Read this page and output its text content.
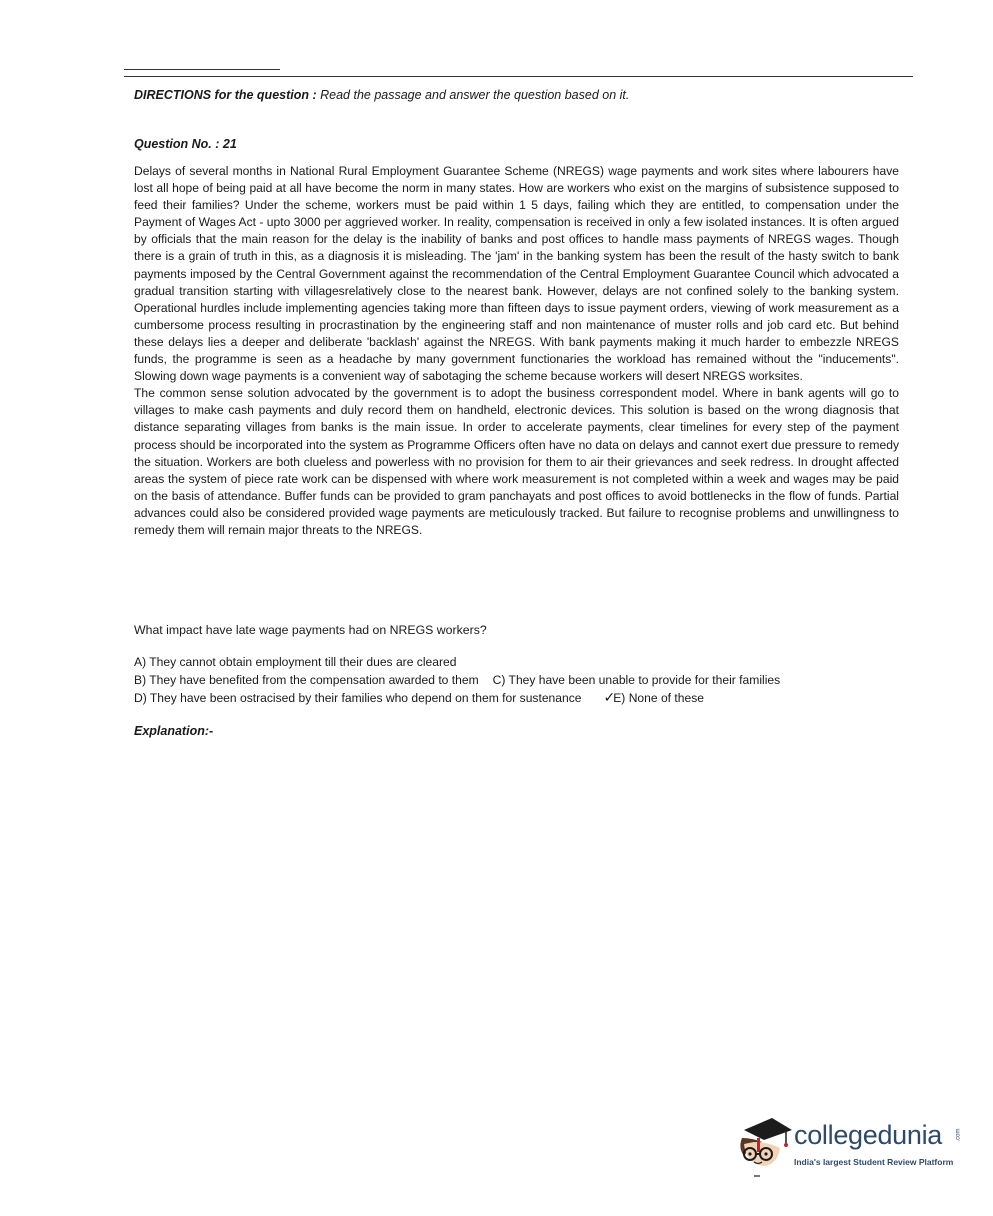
DIRECTIONS for the question : Read the passage and answer the question based on it.
Question No. : 21

Delays of several months in National Rural Employment Guarantee Scheme (NREGS) wage payments and work sites where labourers have lost all hope of being paid at all have become the norm in many states. How are workers who exist on the margins of subsistence supposed to feed their families? Under the scheme, workers must be paid within 1 5 days, failing which they are entitled, to compensation under the Payment of Wages Act - upto 3000 per aggrieved worker. In reality, compensation is received in only a few isolated instances. It is often argued by officials that the main reason for the delay is the inability of banks and post offices to handle mass payments of NREGS wages. Though there is a grain of truth in this, as a diagnosis it is misleading. The 'jam' in the banking system has been the result of the hasty switch to bank payments imposed by the Central Government against the recommendation of the Central Employment Guarantee Council which advocated a gradual transition starting with villagesrelatively close to the nearest bank. However, delays are not confined solely to the banking system. Operational hurdles include implementing agencies taking more than fifteen days to issue payment orders, viewing of work measurement as a cumbersome process resulting in procrastination by the engineering staff and non maintenance of muster rolls and job card etc. But behind these delays lies a deeper and deliberate 'backlash' against the NREGS. With bank payments making it much harder to embezzle NREGS funds, the programme is seen as a headache by many government functionaries the workload has remained without the "inducements". Slowing down wage payments is a convenient way of sabotaging the scheme because workers will desert NREGS worksites.

The common sense solution advocated by the government is to adopt the business correspondent model. Where in bank agents will go to villages to make cash payments and duly record them on handheld, electronic devices. This solution is based on the wrong diagnosis that distance separating villages from banks is the main issue. In order to accelerate payments, clear timelines for every step of the payment process should be incorporated into the system as Programme Officers often have no data on delays and cannot exert due pressure to remedy the situation. Workers are both clueless and powerless with no provision for them to air their grievances and seek redress. In drought affected areas the system of piece rate work can be dispensed with where work measurement is not completed within a week and wages may be paid on the basis of attendance. Buffer funds can be provided to gram panchayats and post offices to avoid bottlenecks in the flow of funds. Partial advances could also be considered provided wage payments are meticulously tracked. But failure to recognise problems and unwillingness to remedy them will remain major threats to the NREGS.

What impact have late wage payments had on NREGS workers?
A) They cannot obtain employment till their dues are cleared
B) They have benefited from the compensation awarded to them C) They have been unable to provide for their families
D) They have been ostracised by their families who depend on them for sustenance ✓E) None of these
Explanation:-
collegedunia .com
India's largest Student Review Platform
